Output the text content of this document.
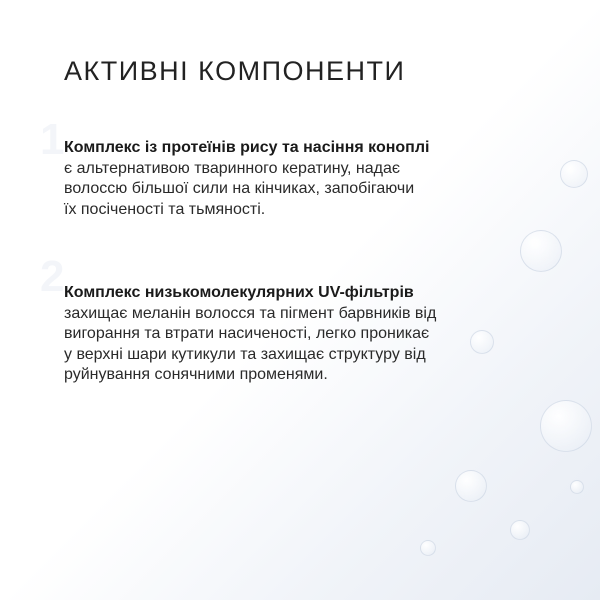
1
2
АКТИВНІ КОМПОНЕНТИ
Комплекс із протеїнів рису та насіння коноплі
є альтернативою тваринного кератину, надає
волоссю більшої сили на кінчиках, запобігаючи
їх посіченості та тьмяності.
Комплекс низькомолекулярних UV-фільтрів
захищає меланін волосся та пігмент барвників від
вигорання та втрати насиченості, легко проникає
у верхні шари кутикули та захищає структуру від
руйнування сонячними променями.
